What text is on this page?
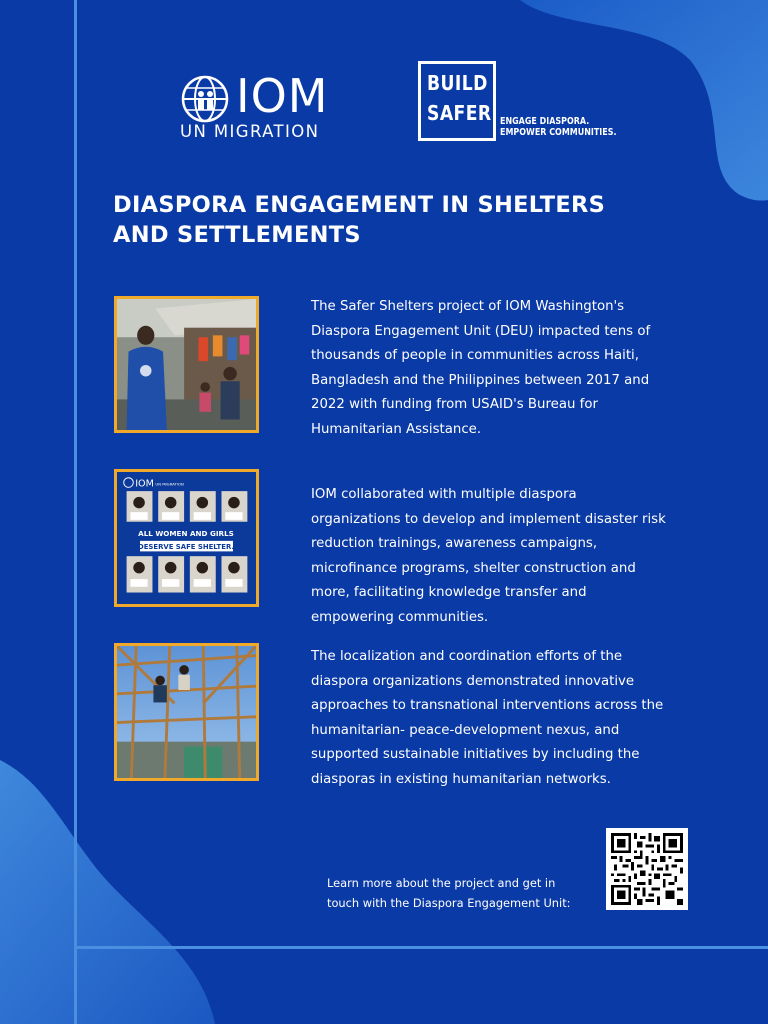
IOM
UN MIGRATION
BUILD
SAFER ENGAGE DIASPORA.
EMPOWER COMMUNITIES.
DIASPORA ENGAGEMENT IN SHELTERS
AND SETTLEMENTS
IOM UN MIGRATION
ALL WOMEN AND GIRLS
DESERVE SAFE SHELTER.
The Safer Shelters project of IOM Washington's
Diaspora Engagement Unit (DEU) impacted tens of
thousands of people in communities across Haiti,
Bangladesh and the Philippines between 2017 and
2022 with funding from USAID's Bureau for
Humanitarian Assistance.
IOM collaborated with multiple diaspora
organizations to develop and implement disaster risk
reduction trainings, awareness campaigns,
microfinance programs, shelter construction and
more, facilitating knowledge transfer and
empowering communities.
The localization and coordination efforts of the
diaspora organizations demonstrated innovative
approaches to transnational interventions across the
humanitarian- peace-development nexus, and
supported sustainable initiatives by including the
diasporas in existing humanitarian networks.
Learn more about the project and get in
touch with the Diaspora Engagement Unit:
